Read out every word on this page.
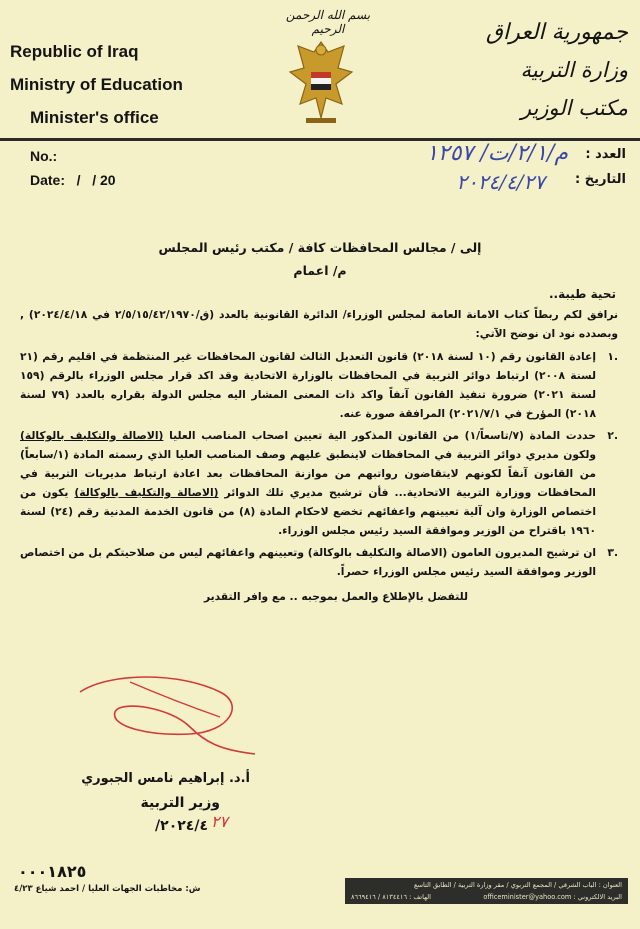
Republic of Iraq
Ministry of Education
Minister's office
بسم الله الرحمن الرحيم	جمهورية العراق
وزارة التربية
مكتب الوزير
No.:
Date:   /   / 20
العدد :
م/٢/١/ت/ ١٢٥٧
التاريخ :
٢٠٢٤/٤/٢٧
إلى / مجالس المحافظات كافة / مكتب رئيس المجلس
م/ اعمام
تحية طيبة..
نرافق لكم ربطاً كتاب الامانة العامة لمجلس الوزراء/ الدائرة القانونية بالعدد (ق/٢/٥/١٥/٤٢/١٩٧٠ في ٢٠٢٤/٤/١٨) , وبصدده نود ان نوضح الآتي:
.١
إعادة القانون رقم (١٠ لسنة ٢٠١٨) قانون التعديل الثالث لقانون المحافظات غير المنتظمة في اقليم رقم (٢١ لسنة ٢٠٠٨) ارتباط دوائر التربية في المحافظات بالوزارة الاتحادية وقد اكد قرار مجلس الوزراء بالرقم (١٥٩ لسنة ٢٠٢١) ضرورة تنفيذ القانون آنفاً واكد ذات المعنى المشار اليه مجلس الدولة بقراره بالعدد (٧٩ لسنة ٢٠١٨) المؤرخ في ٢٠٢١/٧/١) المرافقة صورة عنه.
.٢
حددت المادة (٧/تاسعاً/١) من القانون المذكور الية تعيين اصحاب المناصب العليا (الاصالة والتكليف بالوكالة) ولكون مديري دوائر التربية في المحافظات لاينطبق عليهم وصف المناصب العليا الذي رسمته المادة (١/سابعاً) من القانون آنفاً لكونهم لايتقاضون رواتبهم من موازنة المحافظات بعد اعادة ارتباط مديريات التربية في المحافظات ووزارة التربية الاتحادية... فأن ترشيح مديري تلك الدوائر (الاصالة والتكليف بالوكالة) يكون من اختصاص الوزارة وان آلية تعيينهم واعفائهم تخضع لاحكام المادة (٨) من قانون الخدمة المدنية رقم (٢٤) لسنة ١٩٦٠ باقتراح من الوزير وموافقة السيد رئيس مجلس الوزراء.
.٣
ان ترشيح المديرون العامون (الاصالة والتكليف بالوكالة) وتعيينهم واعفائهم ليس من صلاحيتكم بل من اختصاص الوزير وموافقة السيد رئيس مجلس الوزراء حصراً.
للتفضل بالإطلاع والعمل بموجبه .. مع وافر التقدير
أ.د. إبراهيم نامس الجبوري
وزير التربية
٢٠٢٤/٤/ ٢٧
٠٠٠١٨٢٥
ش: مخاطبات الجهات العليا / احمد شياع ٤/٢٣	العنوان : الباب الشرقي / المجمع التربوي / مقر وزارة التربية / الطابق التاسع
البريد الالكتروني : officeminister@yahoo.com
الهاتف : ٨١٣٤٤١٦ / ٨٦٦٩٤١٦
